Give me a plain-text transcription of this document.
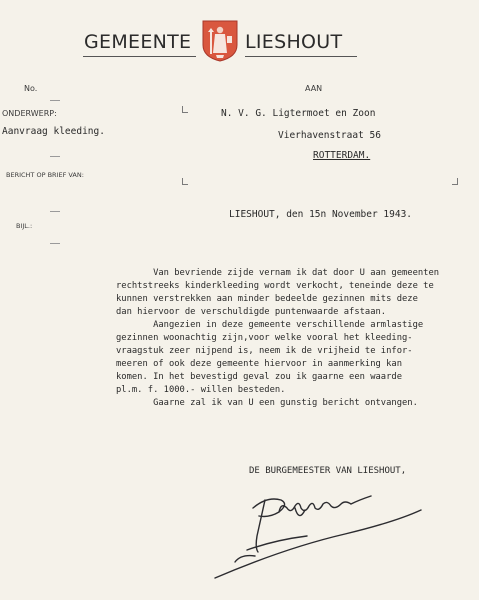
GEMEENTE	LIESHOUT
No.
ONDERWERP:
Aanvraag kleeding.
BERICHT OP BRIEF VAN:
BIJL.:
AAN
N. V. G. Ligtermoet en Zoon
Vierhavenstraat 56
ROTTERDAM.
LIESHOUT, den 15n November 1943.
Van bevriende zijde vernam ik dat door U aan gemeenten
rechtstreeks kinderkleeding wordt verkocht, teneinde deze te
kunnen verstrekken aan minder bedeelde gezinnen mits deze
dan hiervoor de verschuldigde puntenwaarde afstaan.
Aangezien in deze gemeente verschillende armlastige
gezinnen woonachtig zijn,voor welke vooral het kleeding-
vraagstuk zeer nijpend is, neem ik de vrijheid te infor-
meeren of ook deze gemeente hiervoor in aanmerking kan
komen. In het bevestigd geval zou ik gaarne een waarde
pl.m. f. 1000.- willen besteden.
Gaarne zal ik van U een gunstig bericht ontvangen.
DE BURGEMEESTER VAN LIESHOUT,
